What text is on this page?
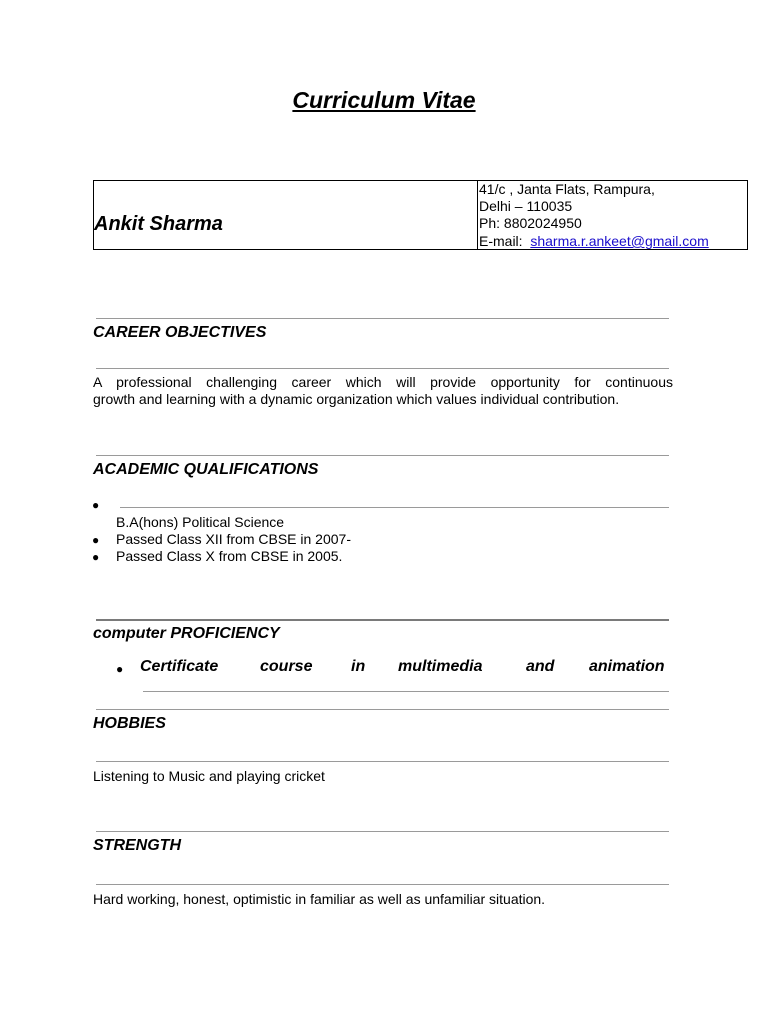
Curriculum Vitae
Ankit Sharma
41/c , Janta Flats, Rampura,
Delhi – 110035
Ph: 8802024950
E-mail: sharma.r.ankeet@gmail.com
CAREER OBJECTIVES
A professional challenging career which will provide opportunity for continuous
growth and learning with a dynamic organization which values individual contribution.
ACADEMIC QUALIFICATIONS
●
B.A(hons) Political Science
● Passed Class XII from CBSE in 2007-
● Passed Class X from CBSE in 2005.
computer PROFICIENCY
● Certificate	course in multimedia	and animation
HOBBIES
Listening to Music and playing cricket
STRENGTH
Hard working, honest, optimistic in familiar as well as unfamiliar situation.
